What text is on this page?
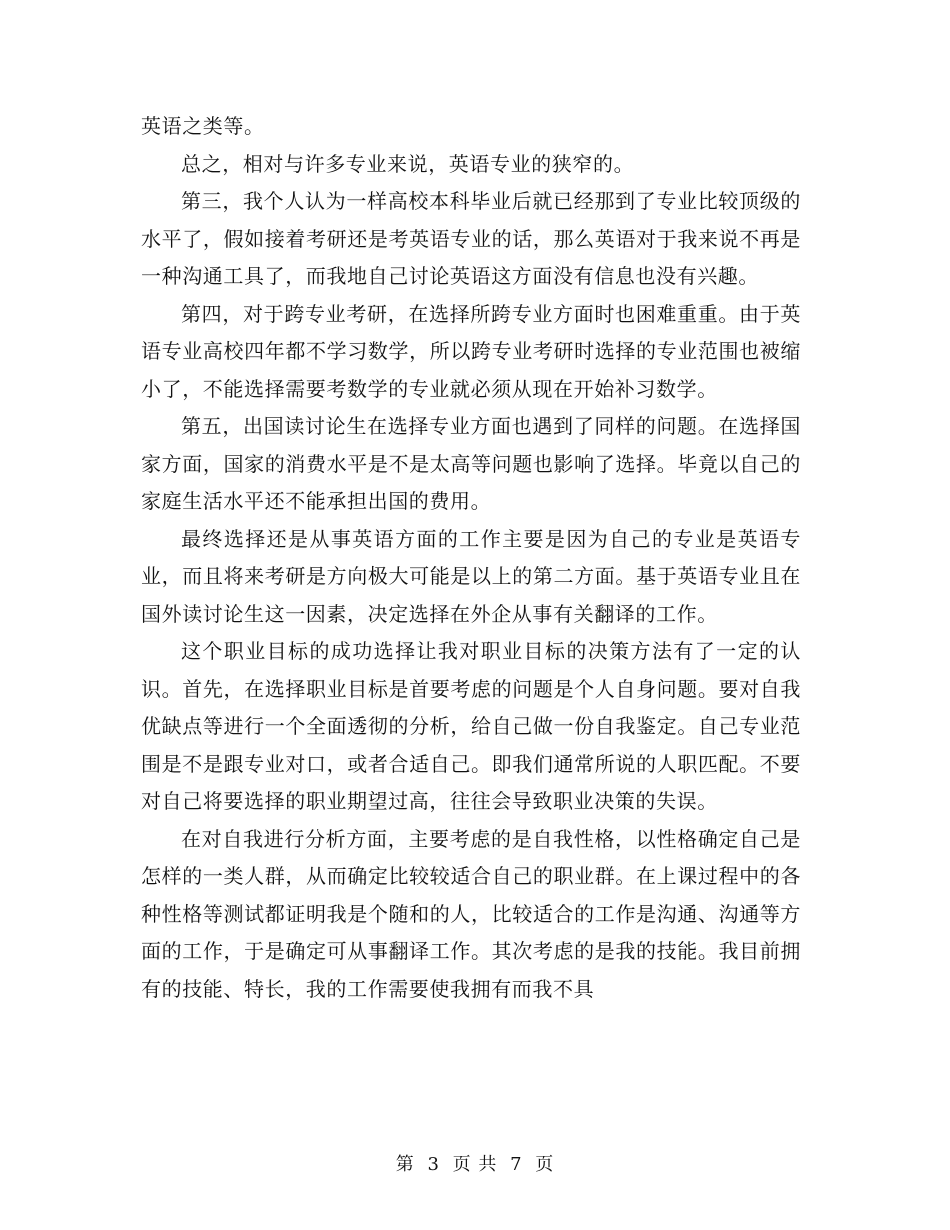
英语之类等。

总之，相对与许多专业来说，英语专业的狭窄的。

第三，我个人认为一样高校本科毕业后就已经那到了专业比较顶级的水平了，假如接着考研还是考英语专业的话，那么英语对于我来说不再是一种沟通工具了，而我地自己讨论英语这方面没有信息也没有兴趣。

第四，对于跨专业考研，在选择所跨专业方面时也困难重重。由于英语专业高校四年都不学习数学，所以跨专业考研时选择的专业范围也被缩小了，不能选择需要考数学的专业就必须从现在开始补习数学。

第五，出国读讨论生在选择专业方面也遇到了同样的问题。在选择国家方面，国家的消费水平是不是太高等问题也影响了选择。毕竟以自己的家庭生活水平还不能承担出国的费用。

最终选择还是从事英语方面的工作主要是因为自己的专业是英语专业，而且将来考研是方向极大可能是以上的第二方面。基于英语专业且在国外读讨论生这一因素，决定选择在外企从事有关翻译的工作。

这个职业目标的成功选择让我对职业目标的决策方法有了一定的认识。首先，在选择职业目标是首要考虑的问题是个人自身问题。要对自我优缺点等进行一个全面透彻的分析，给自己做一份自我鉴定。自己专业范围是不是跟专业对口，或者合适自己。即我们通常所说的人职匹配。不要对自己将要选择的职业期望过高，往往会导致职业决策的失误。

在对自我进行分析方面，主要考虑的是自我性格，以性格确定自己是怎样的一类人群，从而确定比较较适合自己的职业群。在上课过程中的各种性格等测试都证明我是个随和的人，比较适合的工作是沟通、沟通等方面的工作，于是确定可从事翻译工作。其次考虑的是我的技能。我目前拥有的技能、特长，我的工作需要使我拥有而我不具

第 3 页 共 7 页
